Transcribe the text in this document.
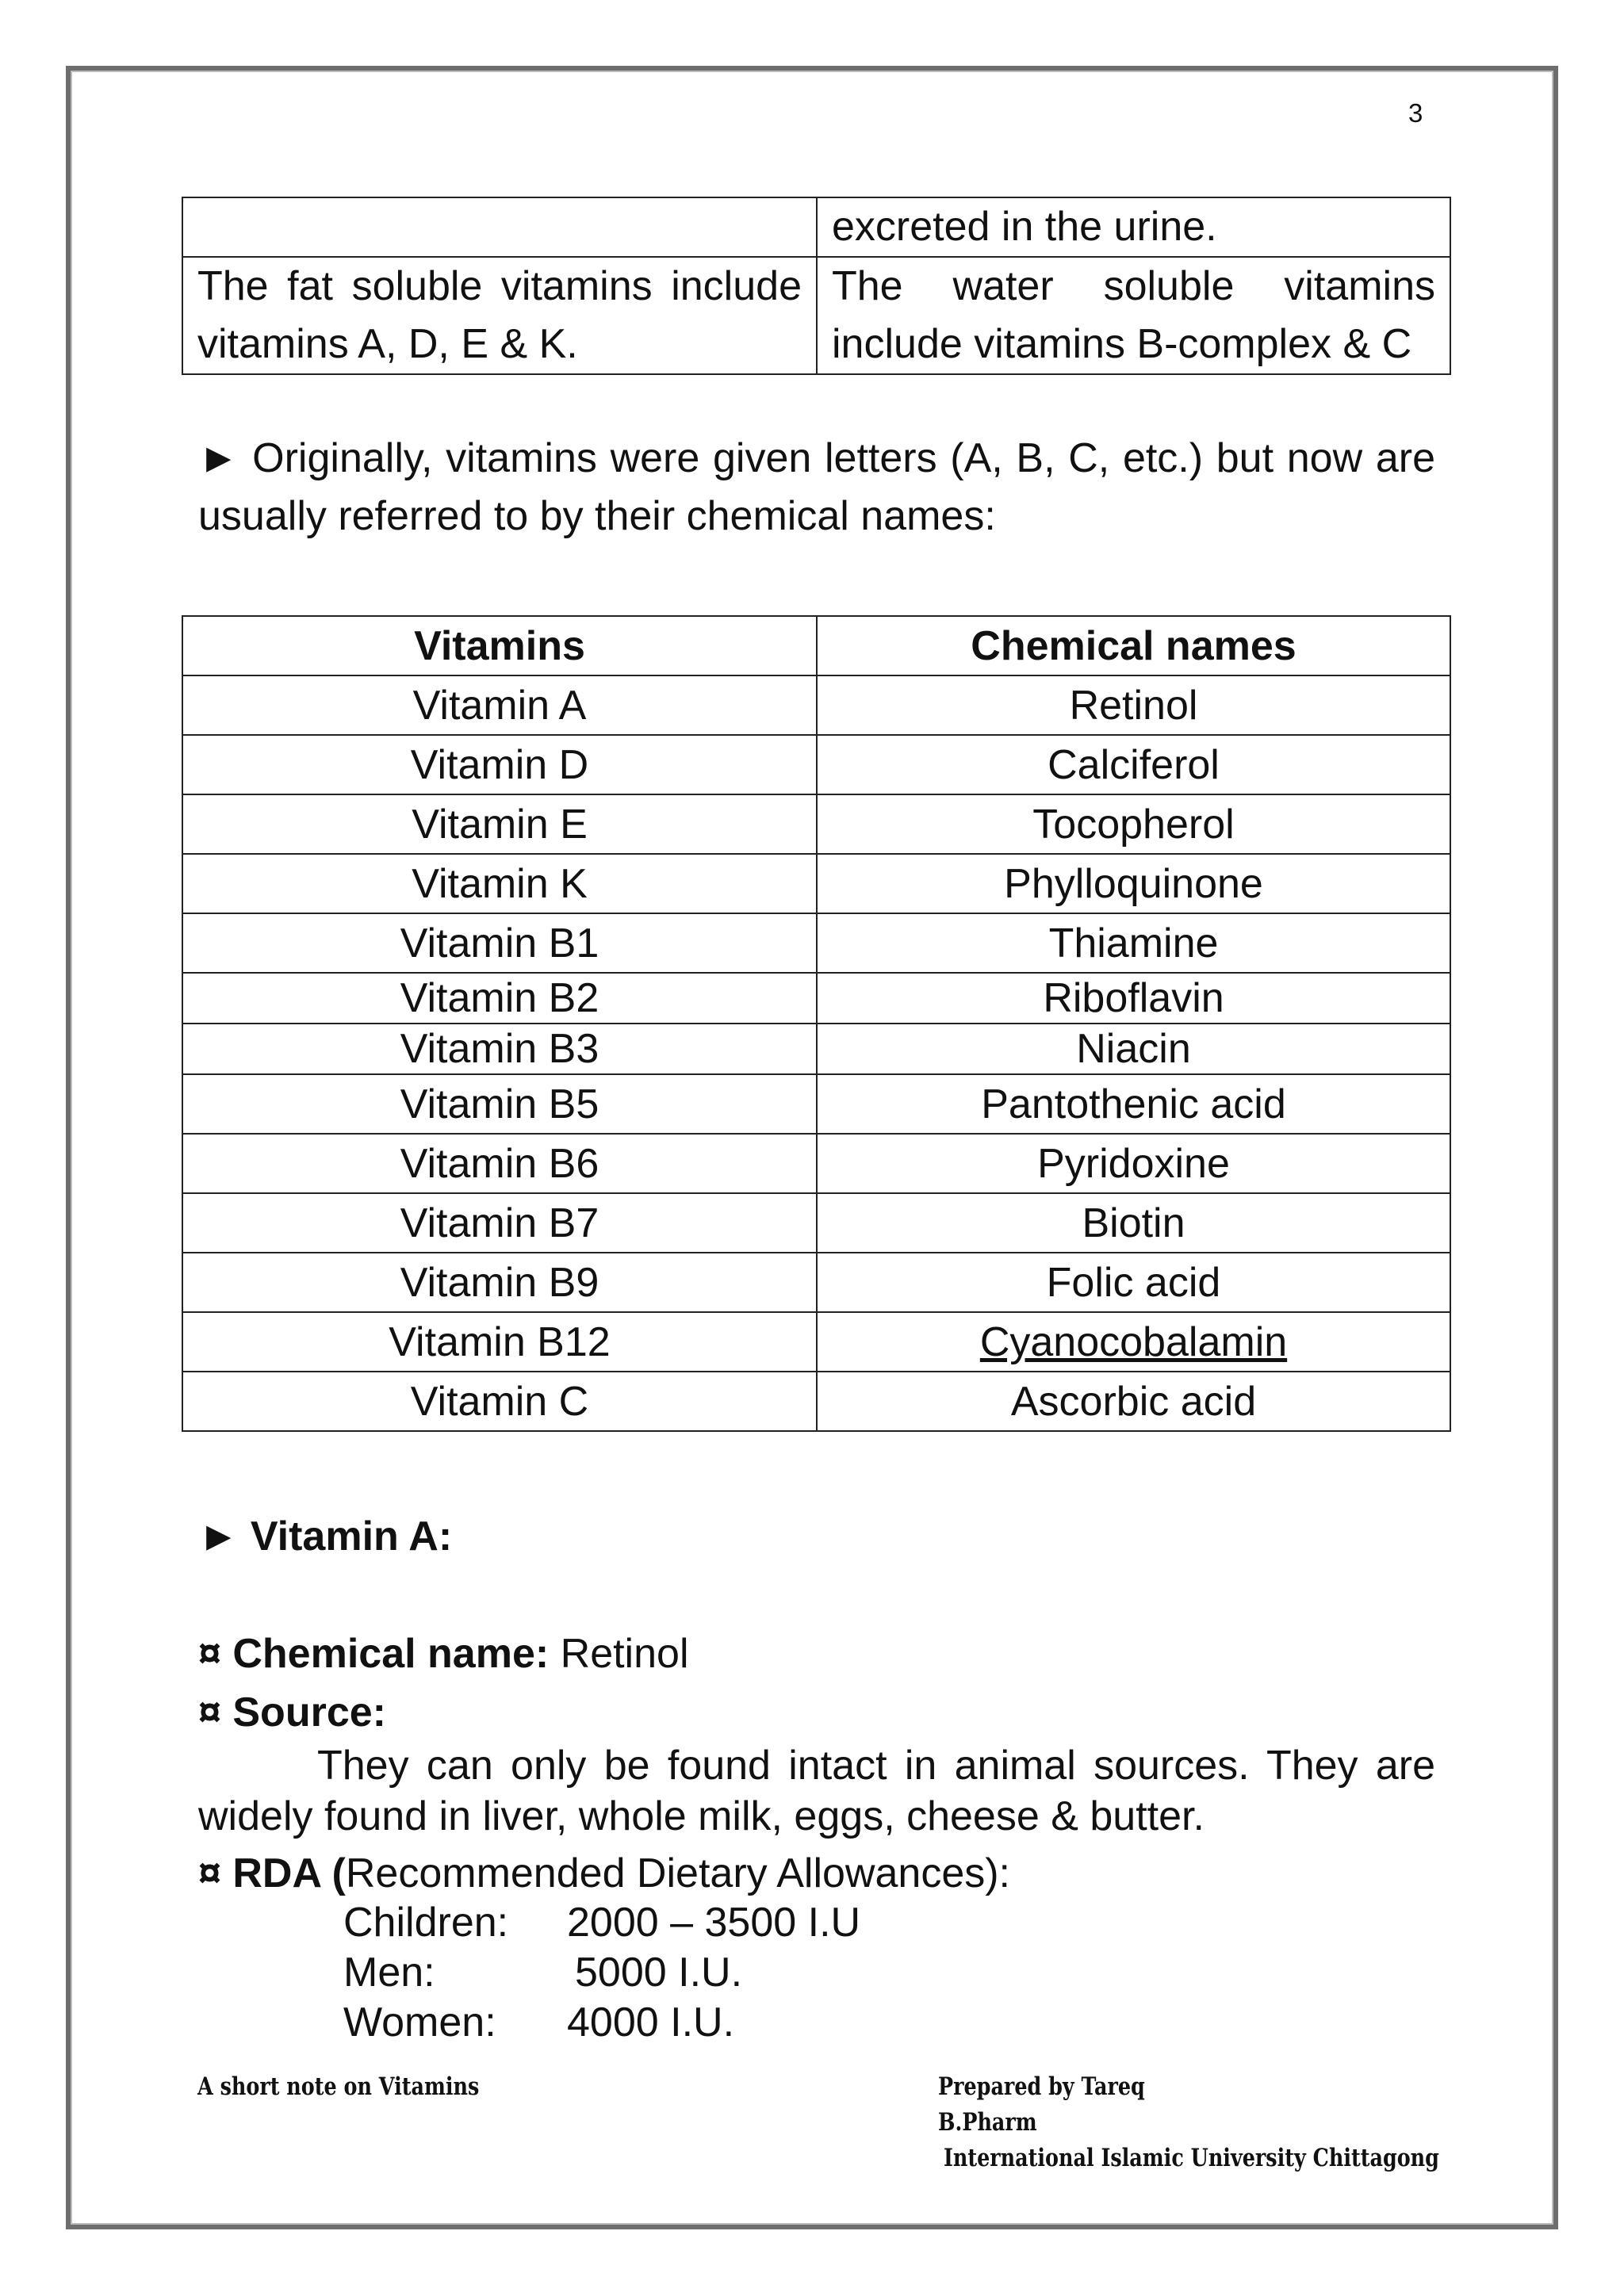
3
	excreted in the urine.
The fat soluble vitamins include vitamins A, D, E & K.	The water soluble vitamins include vitamins B-complex & C
► Originally, vitamins were given letters (A, B, C, etc.) but now are usually referred to by their chemical names:
Vitamins	Chemical names
Vitamin A	Retinol
Vitamin D	Calciferol
Vitamin E	Tocopherol
Vitamin K	Phylloquinone
Vitamin B1	Thiamine
Vitamin B2	Riboflavin
Vitamin B3	Niacin
Vitamin B5	Pantothenic acid
Vitamin B6	Pyridoxine
Vitamin B7	Biotin
Vitamin B9	Folic acid
Vitamin B12	Cyanocobalamin
Vitamin C	Ascorbic acid
► Vitamin A:
¤ Chemical name: Retinol
¤ Source:
They can only be found intact in animal sources. They are widely found in liver, whole milk, eggs, cheese & butter.
¤ RDA (Recommended Dietary Allowances):
Children: 2000 – 3500 I.U
Men:	5000 I.U.
Women: 4000 I.U.
A short note on Vitamins	Prepared by Tareq
B.Pharm
International Islamic University Chittagong
